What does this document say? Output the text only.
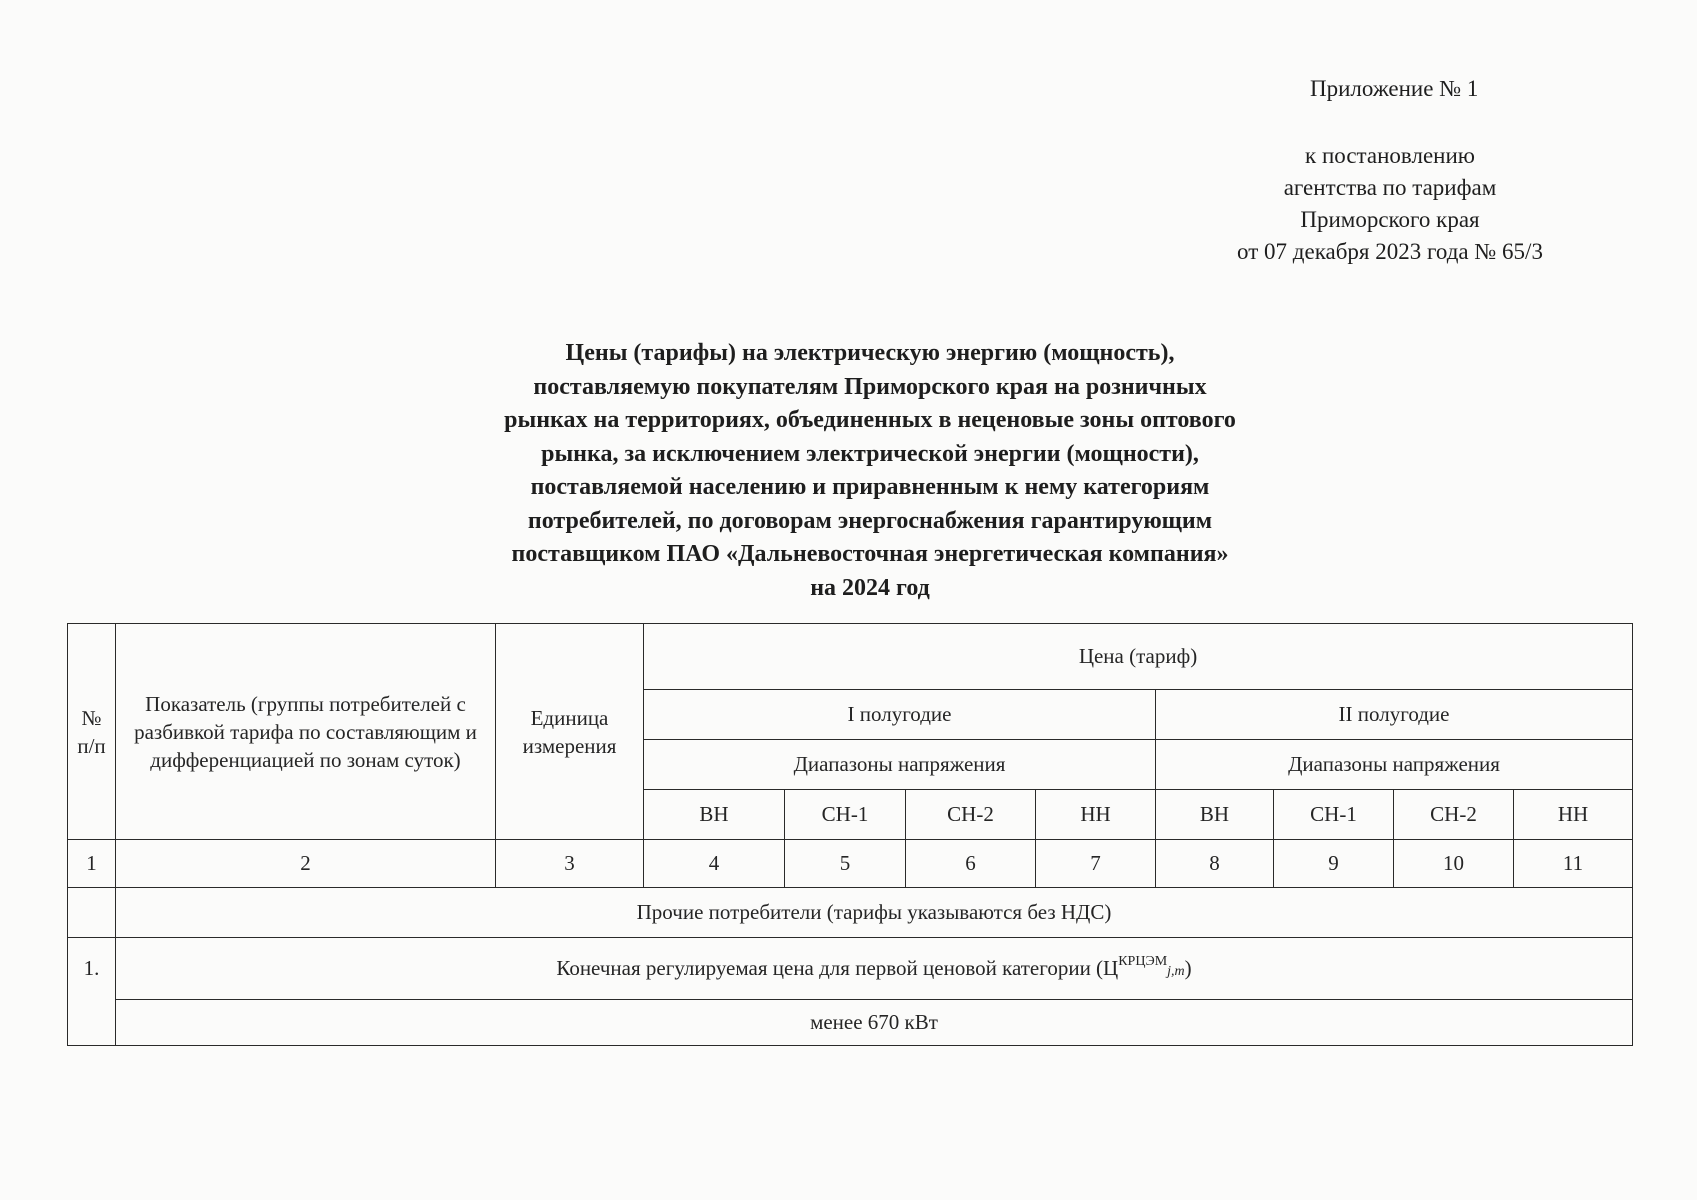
Приложение № 1
к постановлению
агентства по тарифам
Приморского края
от 07 декабря 2023 года № 65/3
Цены (тарифы) на электрическую энергию (мощность),
поставляемую покупателям Приморского края на розничных
рынках на территориях, объединенных в неценовые зоны оптового
рынка, за исключением электрической энергии (мощности),
поставляемой населению и приравненным к нему категориям
потребителей, по договорам энергоснабжения гарантирующим
поставщиком ПАО «Дальневосточная энергетическая компания»
на 2024 год
№ п/п	Показатель (группы потребителей с разбивкой тарифа по составляющим и дифференциацией по зонам суток)	Единица измерения	Цена (тариф)							
			I полугодие				II полугодие			
			Диапазоны напряжения				Диапазоны напряжения			
			ВН	СН-1	СН-2	НН	ВН	СН-1	СН-2	НН
1	2	3	4	5	6	7	8	9	10	11
	Прочие потребители (тарифы указываются без НДС)									
1.	Конечная регулируемая цена для первой ценовой категории $(Ц^{КРЦЭМ}j,m)$									
	менее 670 кВт									
